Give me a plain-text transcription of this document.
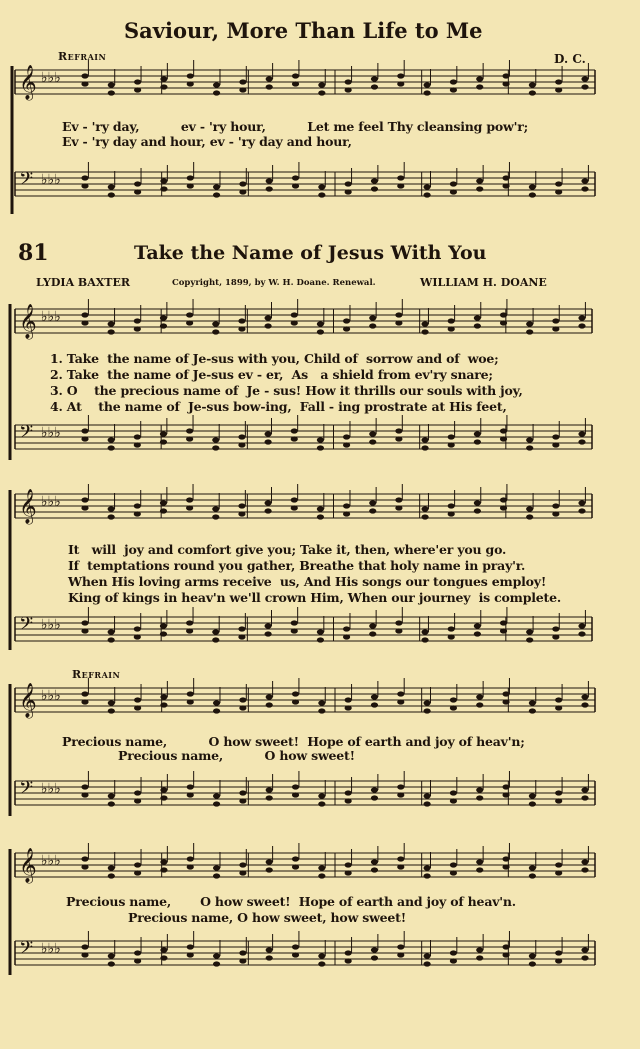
Saviour, More Than Life to Me
Refrain	D. C.
𝄞 ♭♭♭
𝄢 ♭♭♭
𝄞 ♭♭♭
𝄢 ♭♭♭
𝄞 ♭♭♭
𝄢 ♭♭♭
𝄞 ♭♭♭
𝄢 ♭♭♭
𝄞 ♭♭♭
𝄢 ♭♭♭
Ev - 'ry day,          ev - 'ry hour,          Let me feel Thy cleansing pow'r;
Ev - 'ry day and hour, ev - 'ry day and hour,
81	Take the Name of Jesus With You
LYDIA BAXTER	Copyright, 1899, by W. H. Doane. Renewal.	WILLIAM H. DOANE
1. Take  the name of Je-sus with you, Child of  sorrow and of  woe;
2. Take  the name of Je-sus ev - er,  As   a shield from ev'ry snare;
3. O    the precious name of  Je - sus! How it thrills our souls with joy,
4. At    the name of  Je-sus bow-ing,  Fall - ing prostrate at His feet,
It   will  joy and comfort give you; Take it, then, where'er you go.
If  temptations round you gather, Breathe that holy name in pray'r.
When His loving arms receive  us, And His songs our tongues employ!
King of kings in heav'n we'll crown Him, When our journey  is complete.
Refrain
Precious name,          O how sweet!  Hope of earth and joy of heav'n;
Precious name,          O how sweet!
Precious name,       O how sweet!  Hope of earth and joy of heav'n.
Precious name, O how sweet, how sweet!
